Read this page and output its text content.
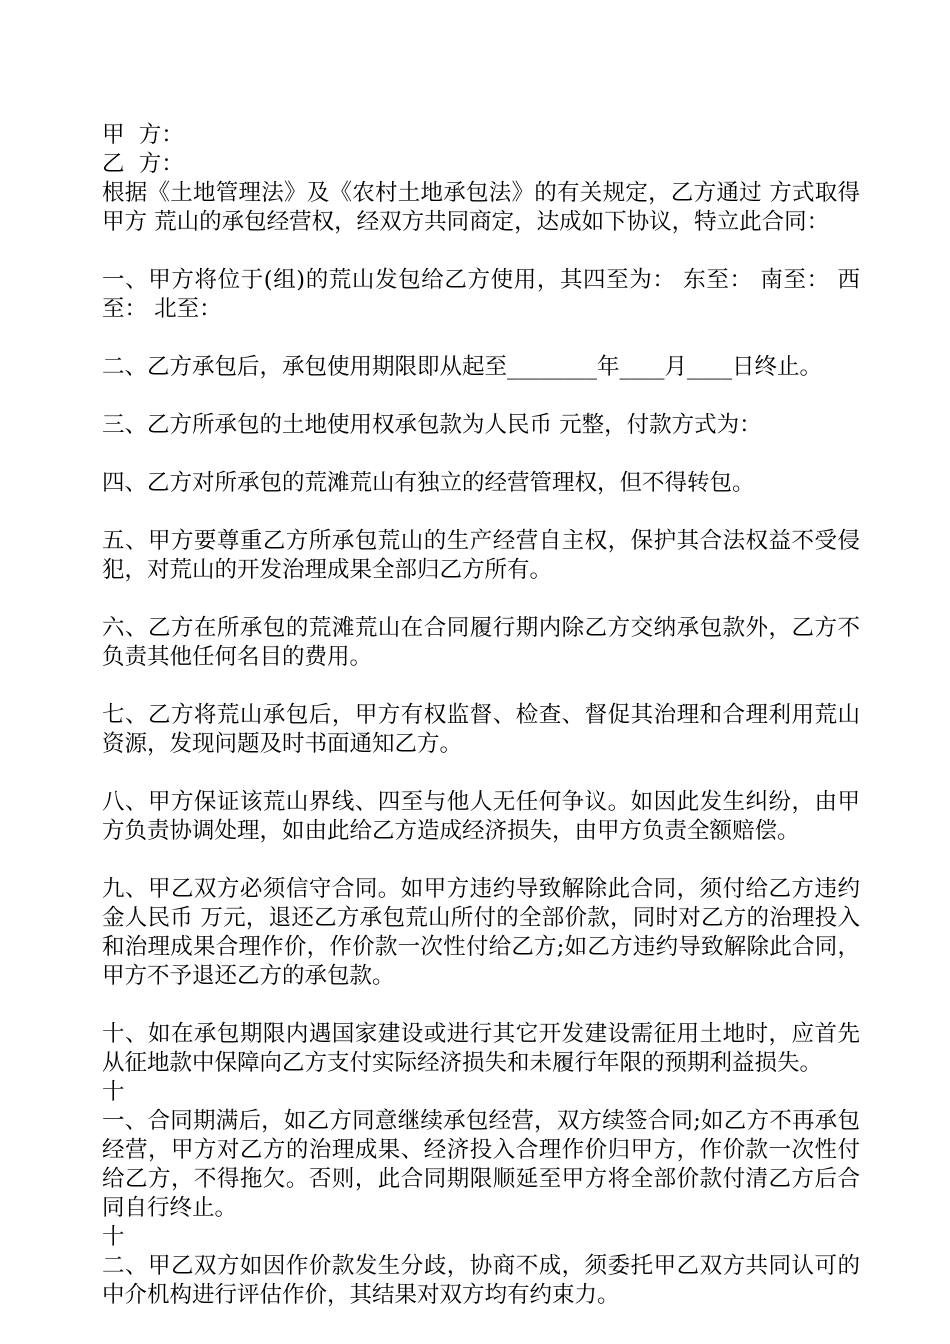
甲  方：
乙  方：

根据《土地管理法》及《农村土地承包法》的有关规定，乙方通过 方式取得甲方 荒山的承包经营权，经双方共同商定，达成如下协议，特立此合同：

一、甲方将位于(组)的荒山发包给乙方使用，其四至为： 东至： 南至： 西至： 北至：

二、乙方承包后，承包使用期限即从起至________年____月____日终止。

三、乙方所承包的土地使用权承包款为人民币 元整，付款方式为：

四、乙方对所承包的荒滩荒山有独立的经营管理权，但不得转包。

五、甲方要尊重乙方所承包荒山的生产经营自主权，保护其合法权益不受侵犯，对荒山的开发治理成果全部归乙方所有。

六、乙方在所承包的荒滩荒山在合同履行期内除乙方交纳承包款外，乙方不负责其他任何名目的费用。

七、乙方将荒山承包后，甲方有权监督、检查、督促其治理和合理利用荒山资源，发现问题及时书面通知乙方。

八、甲方保证该荒山界线、四至与他人无任何争议。如因此发生纠纷，由甲方负责协调处理，如由此给乙方造成经济损失，由甲方负责全额赔偿。

九、甲乙双方必须信守合同。如甲方违约导致解除此合同，须付给乙方违约金人民币 万元，退还乙方承包荒山所付的全部价款，同时对乙方的治理投入和治理成果合理作价，作价款一次性付给乙方;如乙方违约导致解除此合同，甲方不予退还乙方的承包款。

十、如在承包期限内遇国家建设或进行其它开发建设需征用土地时，应首先从征地款中保障向乙方支付实际经济损失和未履行年限的预期利益损失。

十

一、合同期满后，如乙方同意继续承包经营，双方续签合同;如乙方不再承包经营，甲方对乙方的治理成果、经济投入合理作价归甲方，作价款一次性付给乙方，不得拖欠。否则，此合同期限顺延至甲方将全部价款付清乙方后合同自行终止。

十

二、甲乙双方如因作价款发生分歧，协商不成，须委托甲乙双方共同认可的中介机构进行评估作价，其结果对双方均有约束力。
